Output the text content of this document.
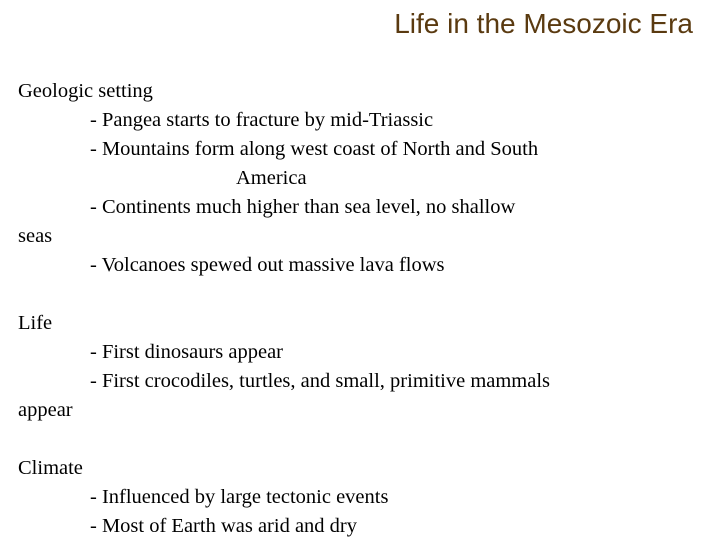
Life in the Mesozoic Era
Geologic setting
- Pangea starts to fracture by mid-Triassic
- Mountains form along west coast of North and South
America
- Continents much higher than sea level, no shallow
seas
- Volcanoes spewed out massive lava flows
Life
- First dinosaurs appear
- First crocodiles, turtles, and small, primitive mammals
appear
Climate
- Influenced by large tectonic events
- Most of Earth was arid and dry
